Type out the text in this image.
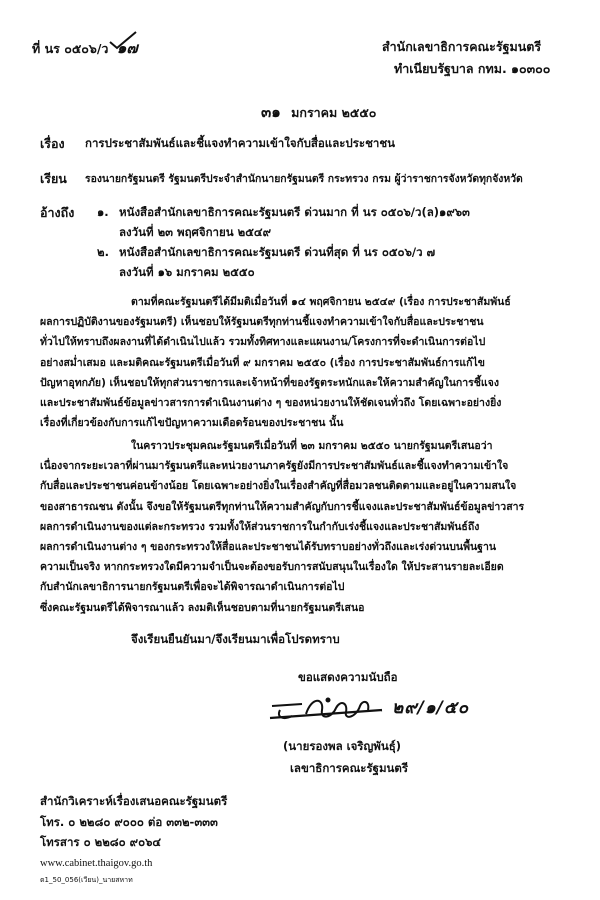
ที่ นร ๐๕๐๖/ว ๑๗	สำนักเลขาธิการคณะรัฐมนตรี
ทำเนียบรัฐบาล กทม. ๑๐๓๐๐
๓๑ มกราคม ๒๕๕๐
เรื่อง การประชาสัมพันธ์และชี้แจงทำความเข้าใจกับสื่อและประชาชน
เรียน รองนายกรัฐมนตรี รัฐมนตรีประจำสำนักนายกรัฐมนตรี กระทรวง กรม ผู้ว่าราชการจังหวัดทุกจังหวัด
อ้างถึง ๑. หนังสือสำนักเลขาธิการคณะรัฐมนตรี ด่วนมาก ที่ นร ๐๕๐๖/ว(ล)๑๙๖๓
ลงวันที่ ๒๓ พฤศจิกายน ๒๕๔๙
๒. หนังสือสำนักเลขาธิการคณะรัฐมนตรี ด่วนที่สุด ที่ นร ๐๕๐๖/ว ๗
ลงวันที่ ๑๖ มกราคม ๒๕๕๐
ตามที่คณะรัฐมนตรีได้มีมติเมื่อวันที่ ๑๔ พฤศจิกายน ๒๕๔๙ (เรื่อง การประชาสัมพันธ์
ผลการปฏิบัติงานของรัฐมนตรี) เห็นชอบให้รัฐมนตรีทุกท่านชี้แจงทำความเข้าใจกับสื่อและประชาชน
ทั่วไปให้ทราบถึงผลงานที่ได้ดำเนินไปแล้ว รวมทั้งทิศทางและแผนงาน/โครงการที่จะดำเนินการต่อไป
อย่างสม่ำเสมอ และมติคณะรัฐมนตรีเมื่อวันที่ ๙ มกราคม ๒๕๕๐ (เรื่อง การประชาสัมพันธ์การแก้ไข
ปัญหาอุทกภัย) เห็นชอบให้ทุกส่วนราชการและเจ้าหน้าที่ของรัฐตระหนักและให้ความสำคัญในการชี้แจง
และประชาสัมพันธ์ข้อมูลข่าวสารการดำเนินงานต่าง ๆ ของหน่วยงานให้ชัดเจนทั่วถึง โดยเฉพาะอย่างยิ่ง
เรื่องที่เกี่ยวข้องกับการแก้ไขปัญหาความเดือดร้อนของประชาชน นั้น
ในคราวประชุมคณะรัฐมนตรีเมื่อวันที่ ๒๓ มกราคม ๒๕๕๐ นายกรัฐมนตรีเสนอว่า
เนื่องจากระยะเวลาที่ผ่านมารัฐมนตรีและหน่วยงานภาครัฐยังมีการประชาสัมพันธ์และชี้แจงทำความเข้าใจ
กับสื่อและประชาชนค่อนข้างน้อย โดยเฉพาะอย่างยิ่งในเรื่องสำคัญที่สื่อมวลชนติดตามและอยู่ในความสนใจ
ของสาธารณชน ดังนั้น จึงขอให้รัฐมนตรีทุกท่านให้ความสำคัญกับการชี้แจงและประชาสัมพันธ์ข้อมูลข่าวสาร
ผลการดำเนินงานของแต่ละกระทรวง รวมทั้งให้ส่วนราชการในกำกับเร่งชี้แจงและประชาสัมพันธ์ถึง
ผลการดำเนินงานต่าง ๆ ของกระทรวงให้สื่อและประชาชนได้รับทราบอย่างทั่วถึงและเร่งด่วนบนพื้นฐาน
ความเป็นจริง หากกระทรวงใดมีความจำเป็นจะต้องขอรับการสนับสนุนในเรื่องใด ให้ประสานรายละเอียด
กับสำนักเลขาธิการนายกรัฐมนตรีเพื่อจะได้พิจารณาดำเนินการต่อไป
ซึ่งคณะรัฐมนตรีได้พิจารณาแล้ว ลงมติเห็นชอบตามที่นายกรัฐมนตรีเสนอ
จึงเรียนยืนยันมา/จึงเรียนมาเพื่อโปรดทราบ
ขอแสดงความนับถือ
๒๙/๑/๕๐
(นายรองพล เจริญพันธุ์)
เลขาธิการคณะรัฐมนตรี
สำนักวิเคราะห์เรื่องเสนอคณะรัฐมนตรี
โทร. ๐ ๒๒๘๐ ๙๐๐๐ ต่อ ๓๓๒-๓๓๓
โทรสาร ๐ ๒๒๘๐ ๙๐๖๔
www.cabinet.thaigov.go.th
ต1_50_056(เวียน)_นายสหาท
